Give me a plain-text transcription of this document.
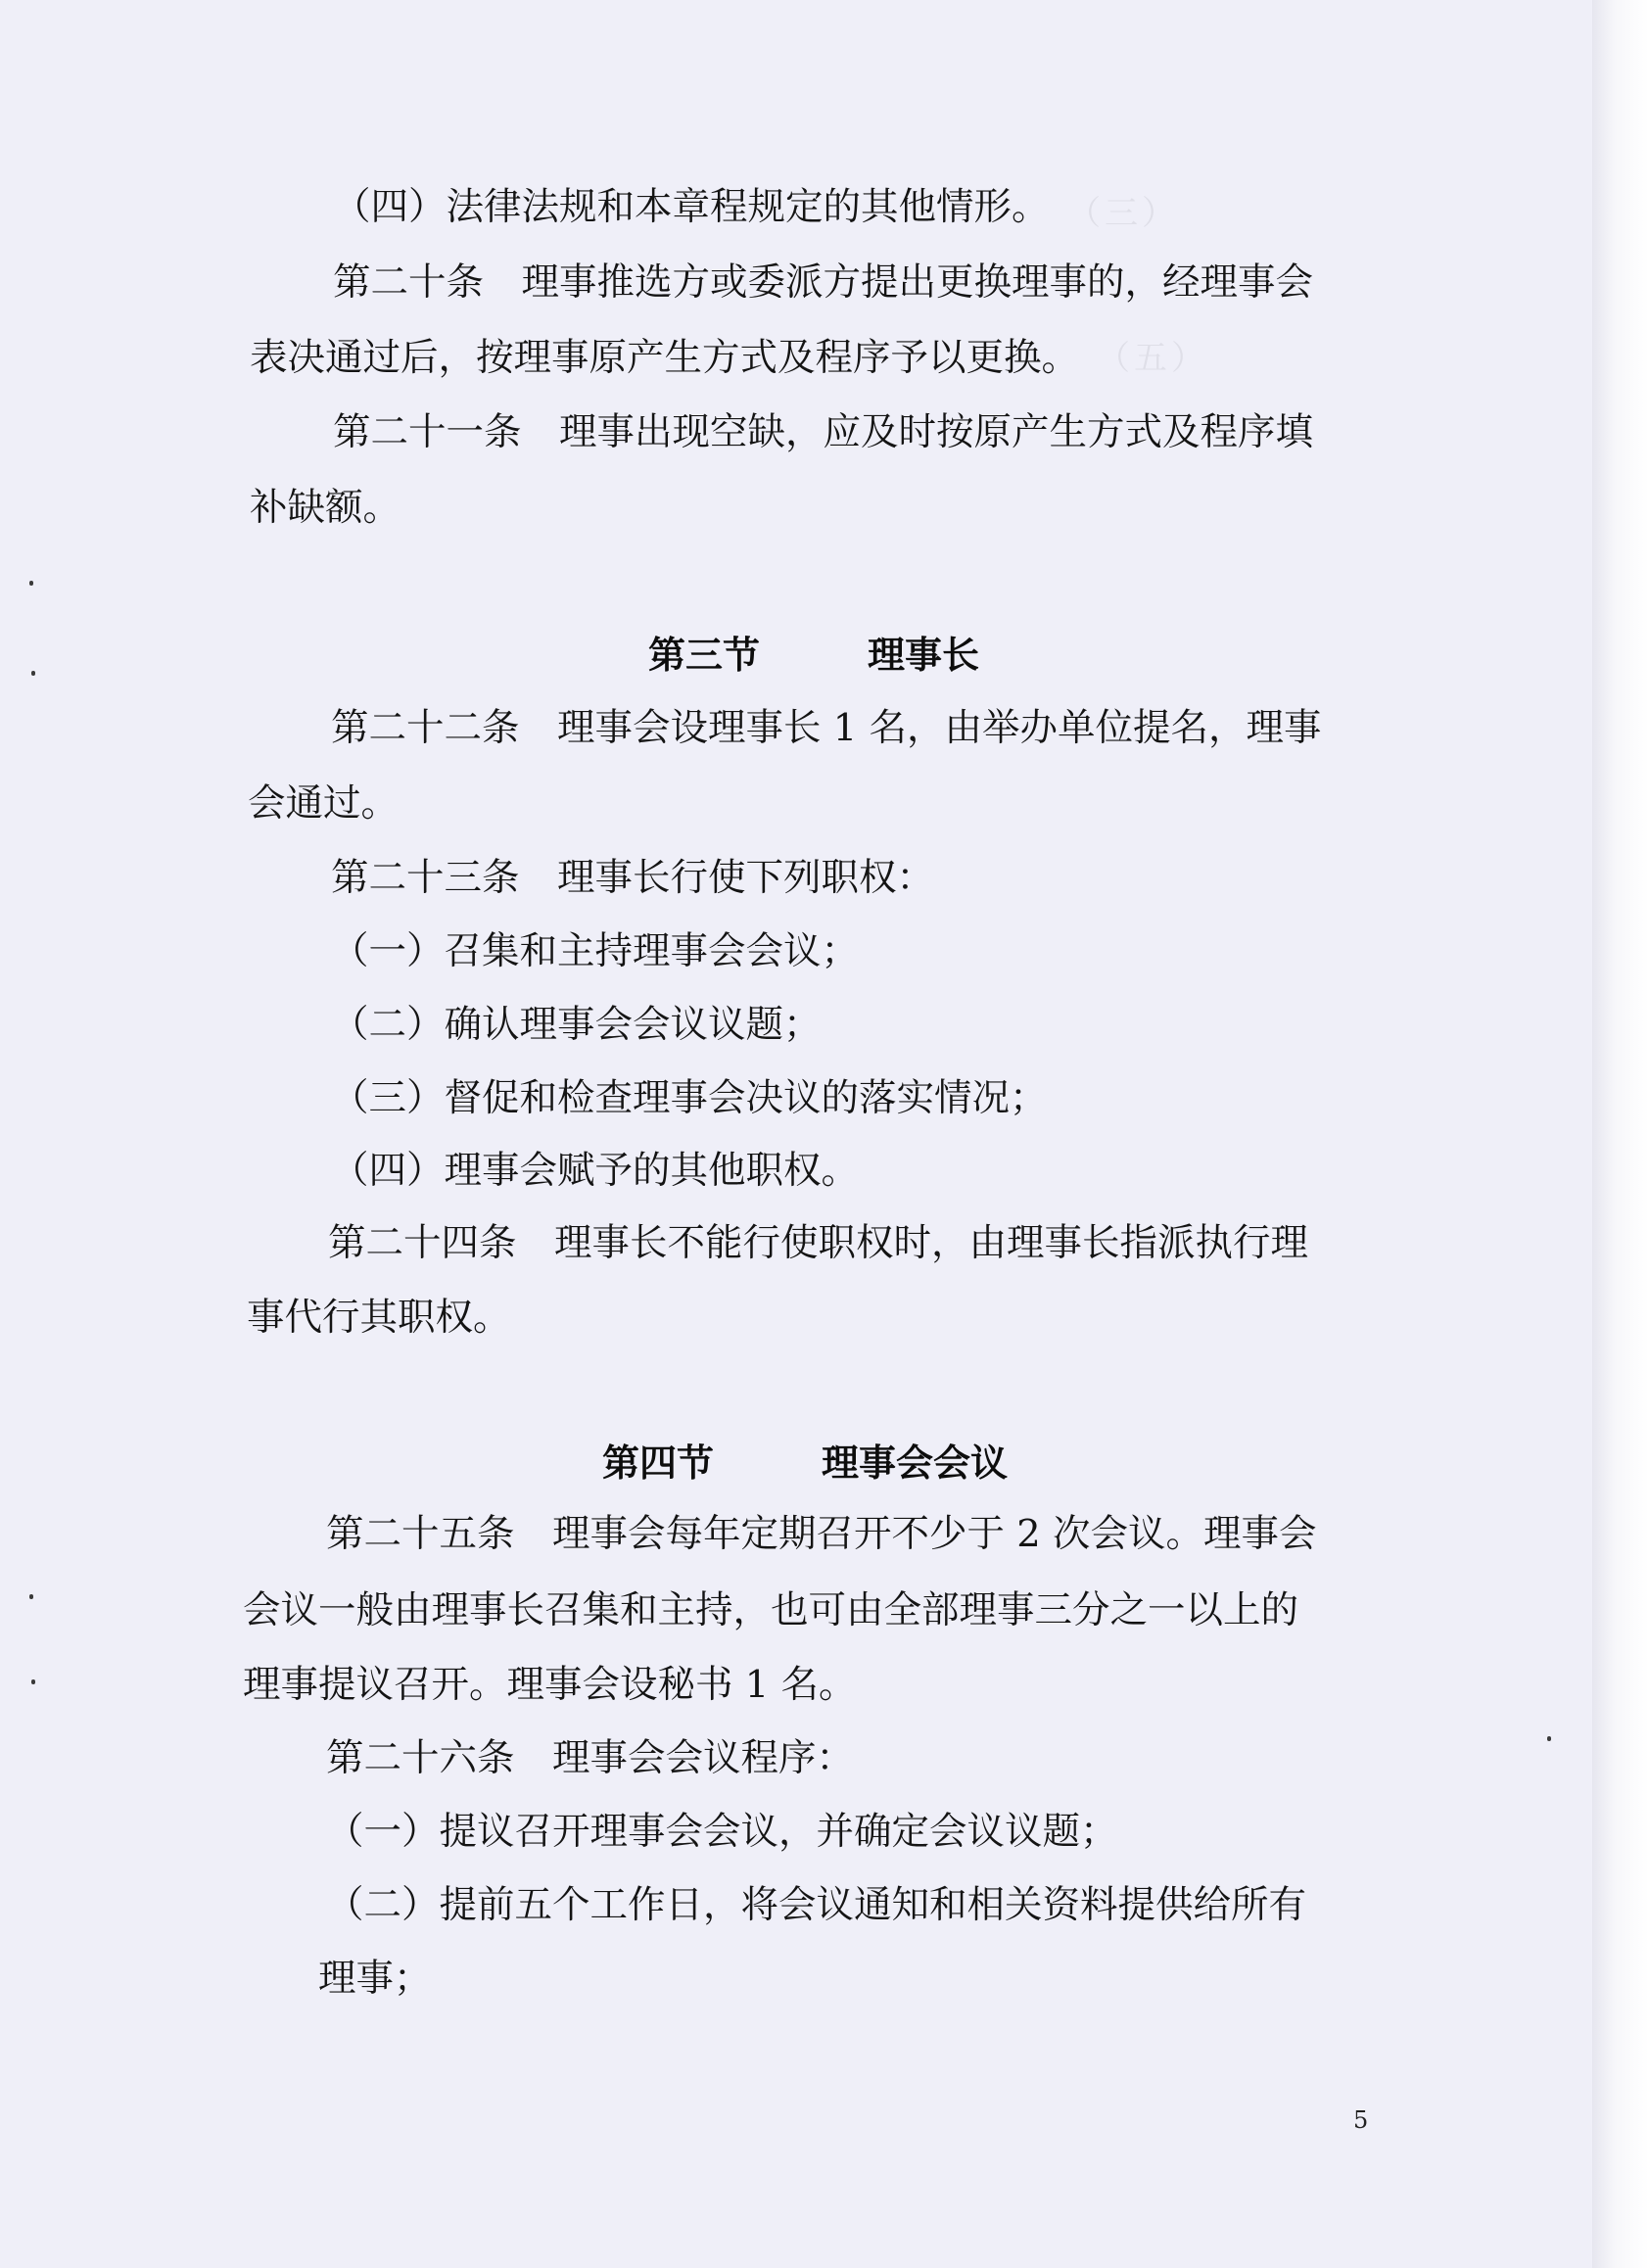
（三）
（五）

（四）法律法规和本章程规定的其他情形。
第二十条　理事推选方或委派方提出更换理事的，经理事会
表决通过后，按理事原产生方式及程序予以更换。
第二十一条　理事出现空缺，应及时按原产生方式及程序填
补缺额。
第三节	理事长
第二十二条　理事会设理事长 1 名，由举办单位提名，理事
会通过。
第二十三条　理事长行使下列职权：
（一）召集和主持理事会会议；
（二）确认理事会会议议题；
（三）督促和检查理事会决议的落实情况；
（四）理事会赋予的其他职权。
第二十四条　理事长不能行使职权时，由理事长指派执行理
事代行其职权。
第四节	理事会会议
第二十五条　理事会每年定期召开不少于 2 次会议。理事会
会议一般由理事长召集和主持，也可由全部理事三分之一以上的
理事提议召开。理事会设秘书 1 名。
第二十六条　理事会会议程序：
（一）提议召开理事会会议，并确定会议议题；
（二）提前五个工作日，将会议通知和相关资料提供给所有
理事；
5
